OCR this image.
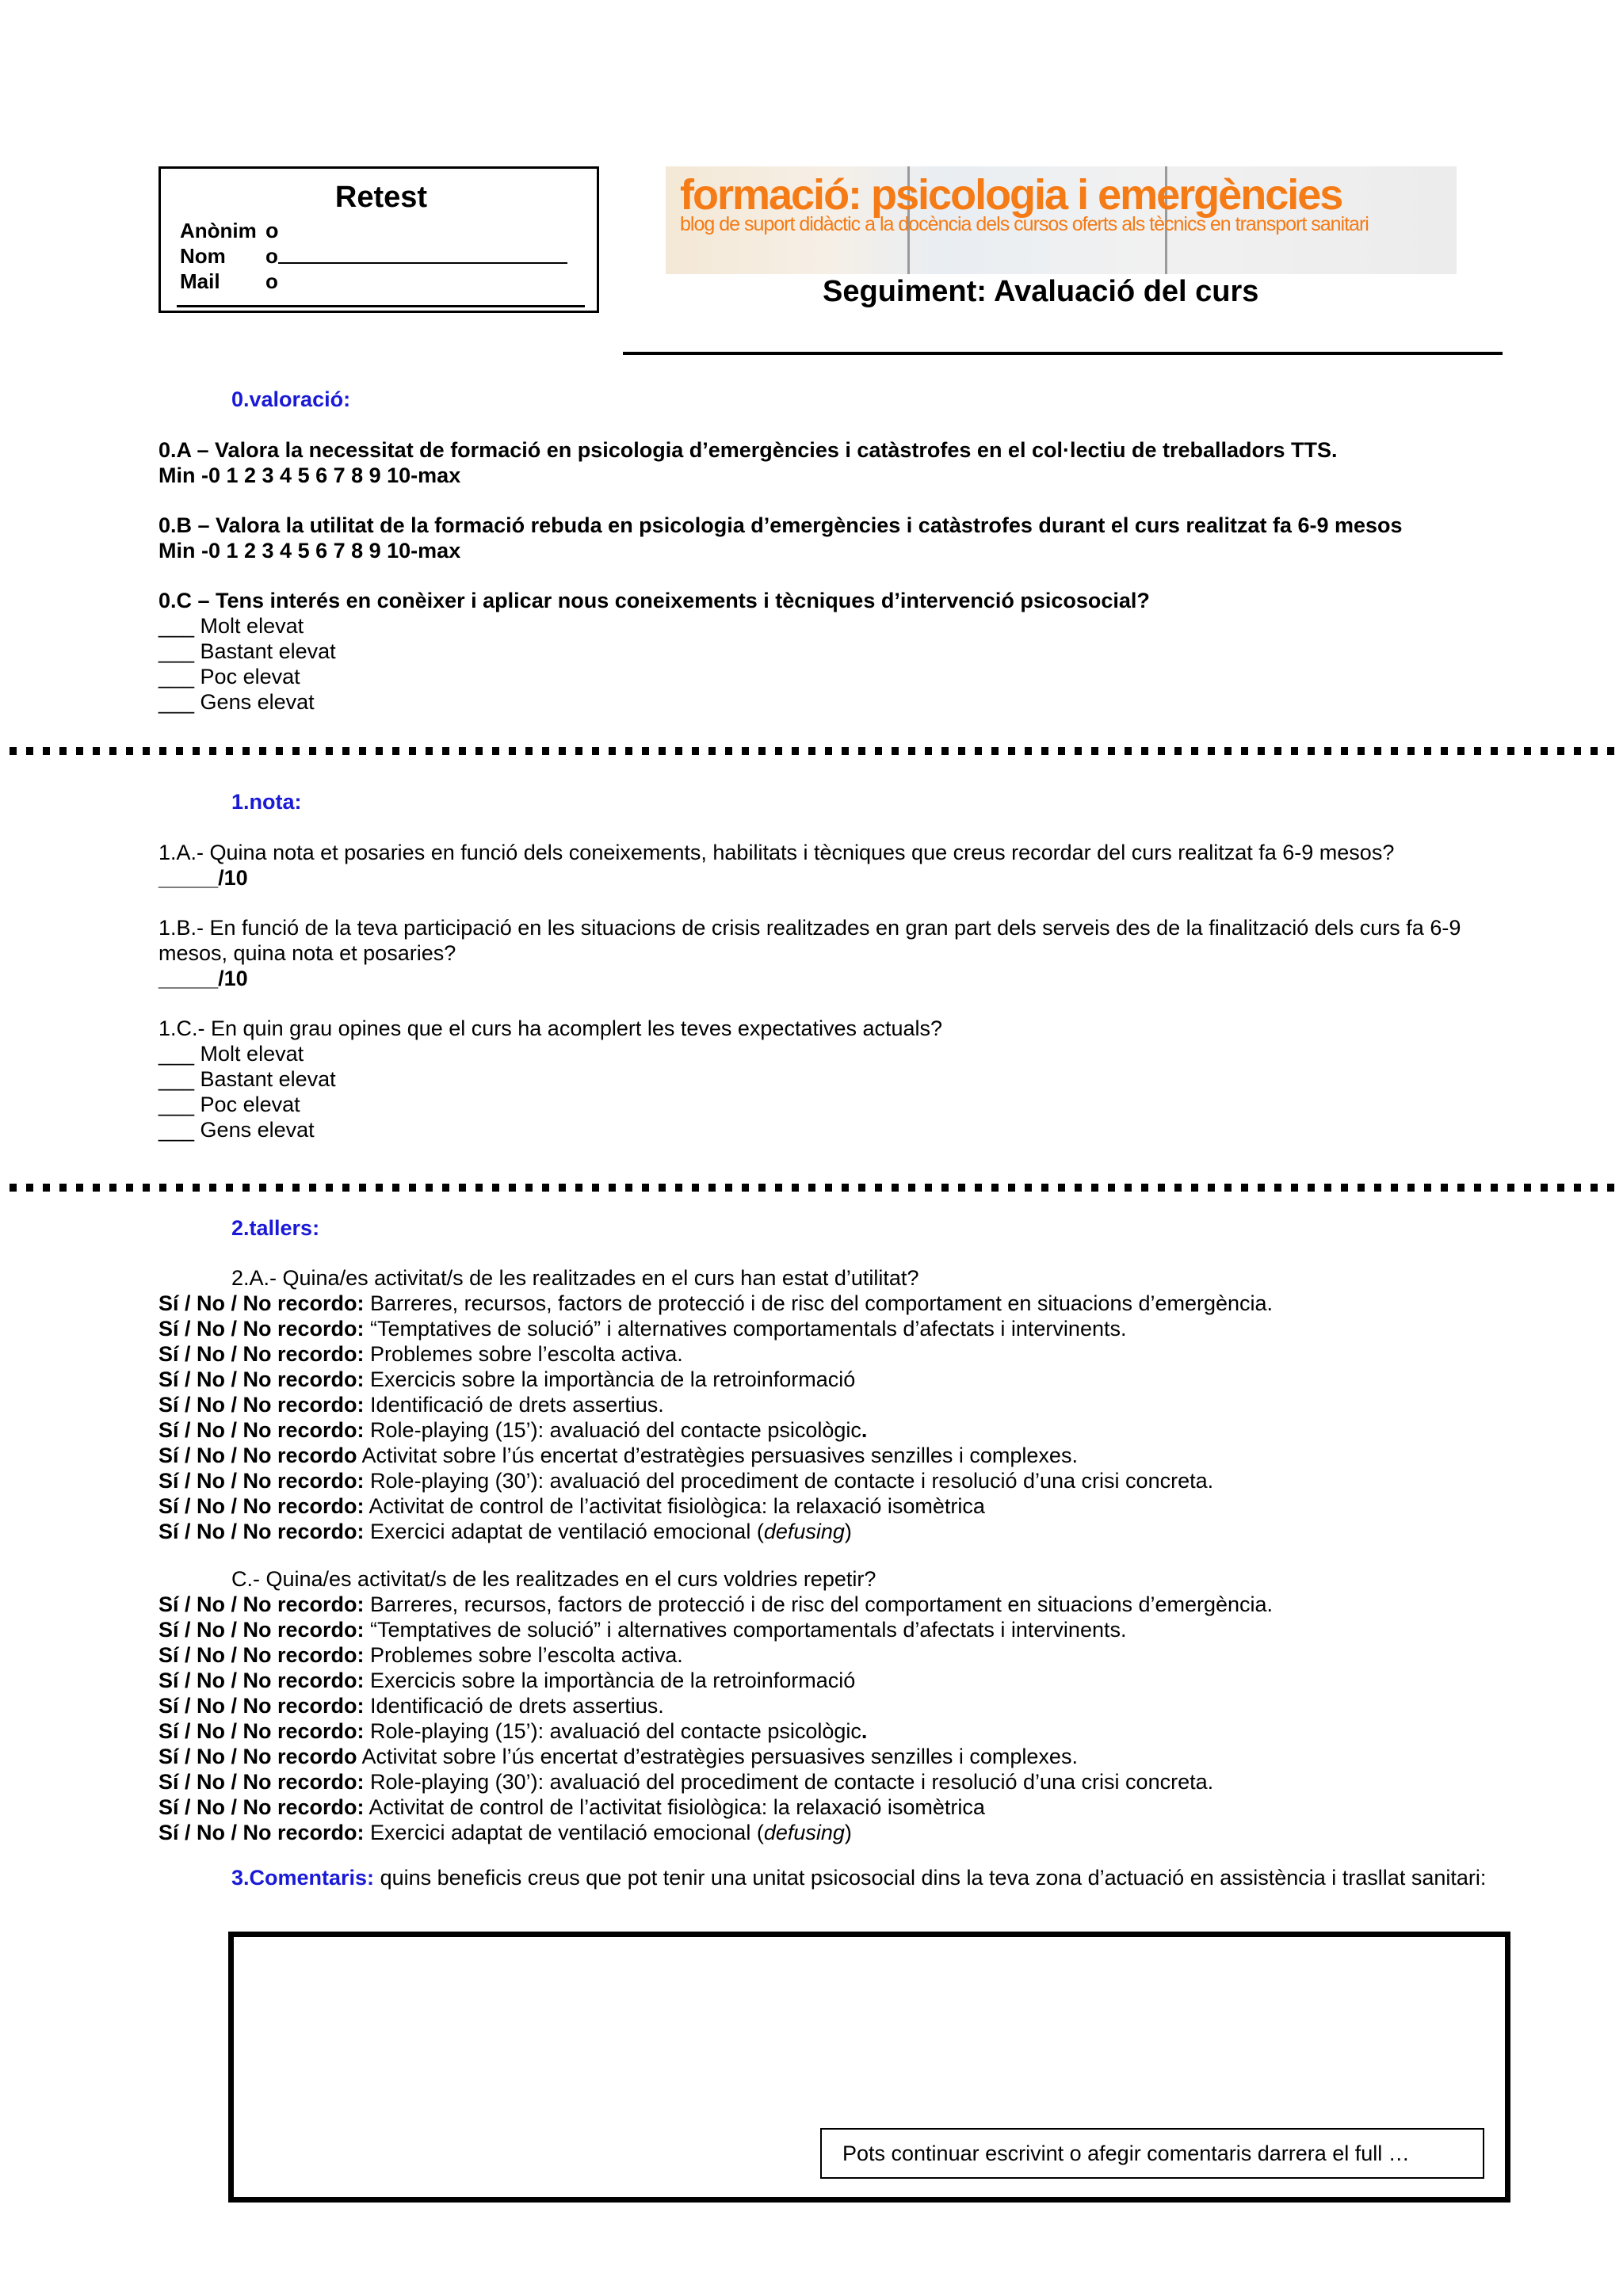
Retest
Anònim o
Nom o
Mail o
formació: psicologia i emergències
blog de suport didàctic a la docència dels cursos oferts als tècnics en transport sanitari
Seguiment: Avaluació del curs
0.valoració:
0.A – Valora la necessitat de formació en psicologia d’emergències i catàstrofes en el col·lectiu de treballadors TTS.
Min -0 1 2 3 4 5 6 7 8 9 10-max
0.B – Valora la utilitat de la formació rebuda en psicologia d’emergències i catàstrofes durant el curs realitzat fa 6-9 mesos
Min -0 1 2 3 4 5 6 7 8 9 10-max
0.C – Tens interés en conèixer i aplicar nous coneixements i tècniques d’intervenció psicosocial?
___ Molt elevat
___ Bastant elevat
___ Poc elevat
___ Gens elevat
1.nota:
1.A.- Quina nota et posaries en funció dels coneixements, habilitats i tècniques que creus recordar del curs realitzat fa 6-9 mesos?
_____/10
1.B.- En funció de la teva participació en les situacions de crisis realitzades en gran part dels serveis des de la finalització dels curs fa 6-9
mesos, quina nota et posaries?
_____/10
1.C.- En quin grau opines que el curs ha acomplert les teves expectatives actuals?
___ Molt elevat
___ Bastant elevat
___ Poc elevat
___ Gens elevat
2.tallers:
2.A.- Quina/es activitat/s de les realitzades en el curs han estat d’utilitat?
Sí / No / No recordo: Barreres, recursos, factors de protecció i de risc del comportament en situacions d’emergència.
Sí / No / No recordo: “Temptatives de solució” i alternatives comportamentals d’afectats i intervinents.
Sí / No / No recordo: Problemes sobre l’escolta activa.
Sí / No / No recordo: Exercicis sobre la importància de la retroinformació
Sí / No / No recordo: Identificació de drets assertius.
Sí / No / No recordo: Role-playing (15’): avaluació del contacte psicològic.
Sí / No / No recordo Activitat sobre l’ús encertat d’estratègies persuasives senzilles i complexes.
Sí / No / No recordo: Role-playing (30’): avaluació del procediment de contacte i resolució d’una crisi concreta.
Sí / No / No recordo: Activitat de control de l’activitat fisiològica: la relaxació isomètrica
Sí / No / No recordo: Exercici adaptat de ventilació emocional (defusing)
C.- Quina/es activitat/s de les realitzades en el curs voldries repetir?
Sí / No / No recordo: Barreres, recursos, factors de protecció i de risc del comportament en situacions d’emergència.
Sí / No / No recordo: “Temptatives de solució” i alternatives comportamentals d’afectats i intervinents.
Sí / No / No recordo: Problemes sobre l’escolta activa.
Sí / No / No recordo: Exercicis sobre la importància de la retroinformació
Sí / No / No recordo: Identificació de drets assertius.
Sí / No / No recordo: Role-playing (15’): avaluació del contacte psicològic.
Sí / No / No recordo Activitat sobre l’ús encertat d’estratègies persuasives senzilles i complexes.
Sí / No / No recordo: Role-playing (30’): avaluació del procediment de contacte i resolució d’una crisi concreta.
Sí / No / No recordo: Activitat de control de l’activitat fisiològica: la relaxació isomètrica
Sí / No / No recordo: Exercici adaptat de ventilació emocional (defusing)
3.Comentaris: quins beneficis creus que pot tenir una unitat psicosocial dins la teva zona d’actuació en assistència i trasllat sanitari:
Pots continuar escrivint o afegir comentaris darrera el full …
